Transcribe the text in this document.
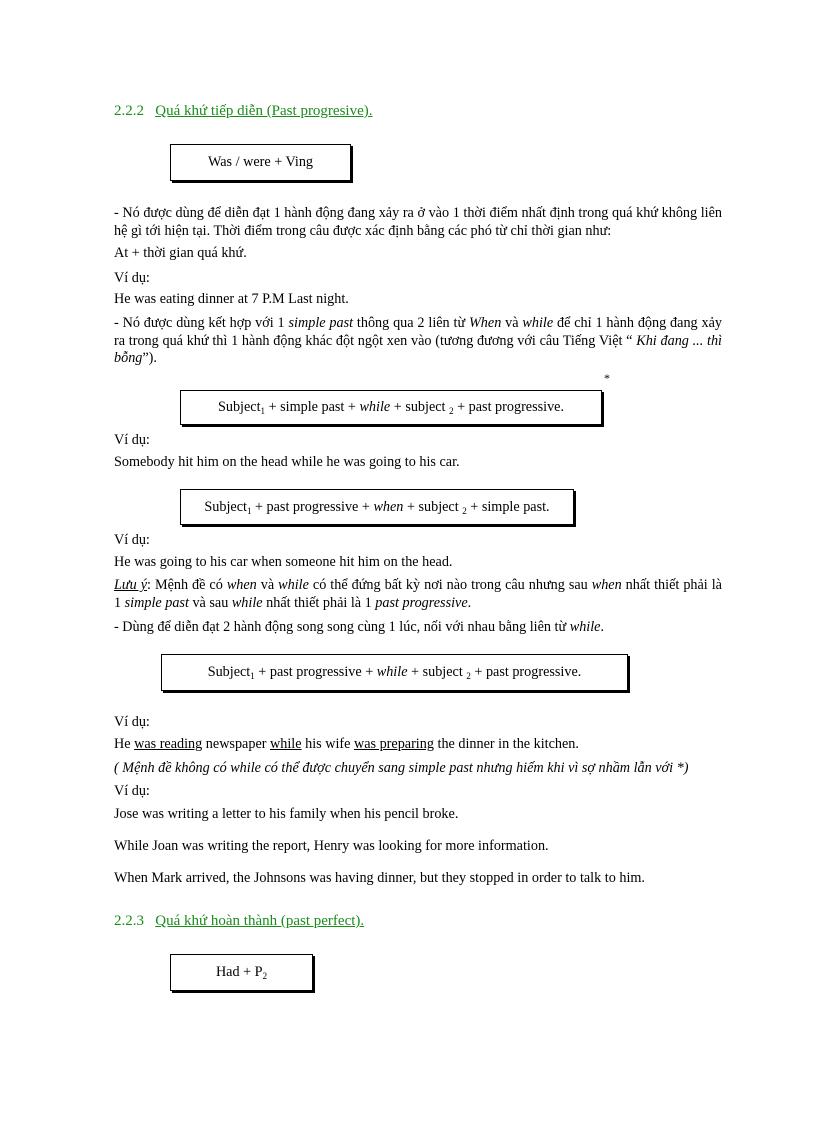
2.2.2 Quá khứ tiếp diễn (Past progresive).
Was / were + Ving
- Nó được dùng để diễn đạt 1 hành động đang xảy ra ở vào 1 thời điểm nhất định trong quá khứ không liên hệ gì tới hiện tại. Thời điểm trong câu được xác định bằng các phó từ chỉ thời gian như:
At + thời gian quá khứ.
Ví dụ:
He was eating dinner at 7 P.M Last night.
- Nó được dùng kết hợp với 1 simple past thông qua 2 liên từ When và while để chỉ 1 hành động đang xảy ra trong quá khứ thì 1 hành động khác đột ngột xen vào (tương đương với câu Tiếng Việt “ Khi đang ... thì bỗng”).
*
Subject$_1$ + simple past + while + subject $_2$ + past progressive.
Ví dụ:
Somebody hit him on the head while he was going to his car.
Subject$_1$ + past progressive + when + subject $_2$ + simple past.
Ví dụ:
He was going to his car when someone hit him on the head.
Lưu ý: Mệnh đề có when và while có thể đứng bất kỳ nơi nào trong câu nhưng sau when nhất thiết phải là 1 simple past và sau while nhất thiết phải là 1 past progressive.
- Dùng để diễn đạt 2 hành động song song cùng 1 lúc, nối với nhau bằng liên từ while.
Subject$_1$ + past progressive + while + subject $_2$ + past progressive.
Ví dụ:
He was reading newspaper while his wife was preparing the dinner in the kitchen.
( Mệnh đề không có while có thể được chuyển sang simple past nhưng hiếm khi vì sợ nhầm lẫn với *)
Ví dụ:
Jose was writing a letter to his family when his pencil broke.
While Joan was writing the report, Henry was looking for more information.
When Mark arrived, the Johnsons was having dinner, but they stopped in order to talk to him.
2.2.3 Quá khứ hoàn thành (past perfect).
Had + $P_2$
